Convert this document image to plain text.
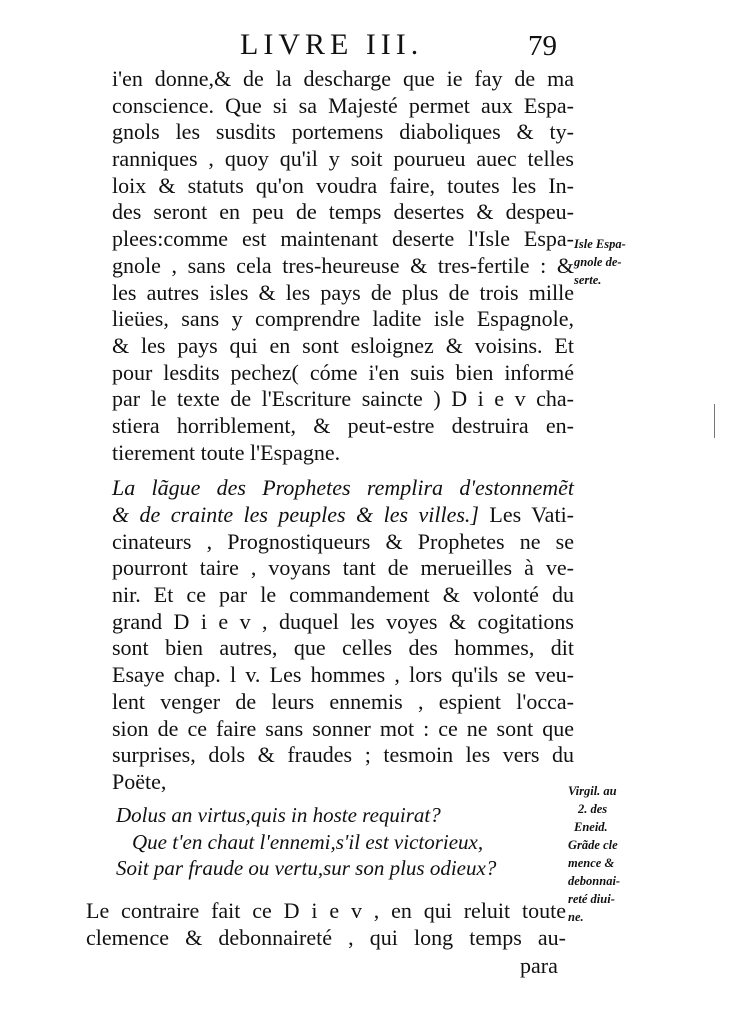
LIVRE III.	79
i'en donne,& de la descharge que ie fay de ma
conscience. Que si sa Majesté permet aux Espa-
gnols les susdits portemens diaboliques & ty-
ranniques , quoy qu'il y soit pourueu auec telles
loix & statuts qu'on voudra faire, toutes les In-
des seront en peu de temps desertes & despeu-
plees:comme est maintenant deserte l'Isle Espa-
gnole , sans cela tres-heureuse & tres-fertile : &
les autres isles & les pays de plus de trois mille
lieües, sans y comprendre ladite isle Espagnole,
& les pays qui en sont esloignez & voisins. Et
pour lesdits pechez( cóme i'en suis bien informé
par le texte de l'Escriture saincte ) D i e v cha-
stiera horriblement, & peut-estre destruira en-
tierement toute l'Espagne.
La lãgue des Prophetes remplira d'estonnemẽt
& de crainte les peuples & les villes.] Les Vati-
cinateurs , Prognostiqueurs & Prophetes ne se
pourront taire , voyans tant de merueilles à ve-
nir. Et ce par le commandement & volonté du
grand D i e v , duquel les voyes & cogitations
sont bien autres, que celles des hommes, dit
Esaye chap. l v. Les hommes , lors qu'ils se veu-
lent venger de leurs ennemis , espient l'occa-
sion de ce faire sans sonner mot : ce ne sont que
surprises, dols & fraudes ; tesmoin les vers du
Poëte,
Dolus an virtus,quis in hoste requirat?
Que t'en chaut l'ennemi,s'il est victorieux,
Soit par fraude ou vertu,sur son plus odieux?
Le contraire fait ce D i e v , en qui reluit toute
clemence & debonnaireté , qui long temps au-
para
Isle Espa-
gnole de-
serte.
Virgil. au
2. des
Eneid.
Grãde cle
mence &
debonnai-
reté diui-
ne.
